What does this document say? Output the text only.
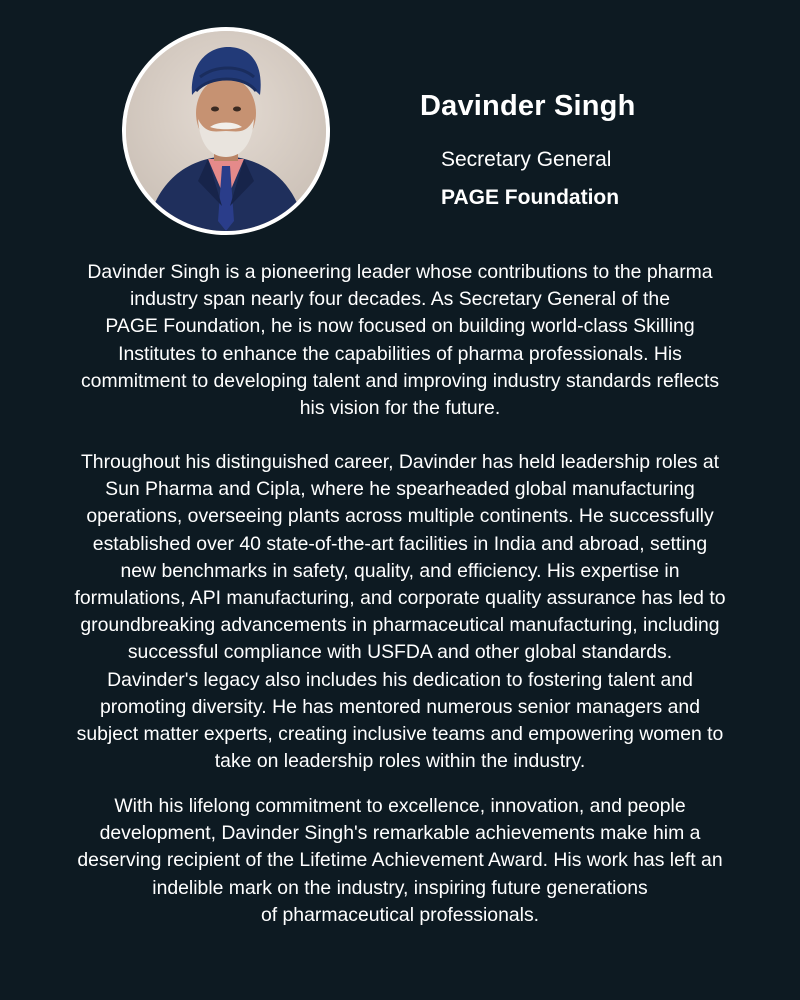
Davinder Singh

Secretary General

PAGE Foundation

Davinder Singh is a pioneering leader whose contributions to the pharma
industry span nearly four decades. As Secretary General of the
PAGE Foundation, he is now focused on building world-class Skilling
Institutes to enhance the capabilities of pharma professionals. His
commitment to developing talent and improving industry standards reflects
his vision for the future.

Throughout his distinguished career, Davinder has held leadership roles at
Sun Pharma and Cipla, where he spearheaded global manufacturing
operations, overseeing plants across multiple continents. He successfully
established over 40 state-of-the-art facilities in India and abroad, setting
new benchmarks in safety, quality, and efficiency. His expertise in
formulations, API manufacturing, and corporate quality assurance has led to
groundbreaking advancements in pharmaceutical manufacturing, including
successful compliance with USFDA and other global standards.
Davinder's legacy also includes his dedication to fostering talent and
promoting diversity. He has mentored numerous senior managers and
subject matter experts, creating inclusive teams and empowering women to
take on leadership roles within the industry.

With his lifelong commitment to excellence, innovation, and people
development, Davinder Singh's remarkable achievements make him a
deserving recipient of the Lifetime Achievement Award. His work has left an
indelible mark on the industry, inspiring future generations
of pharmaceutical professionals.
